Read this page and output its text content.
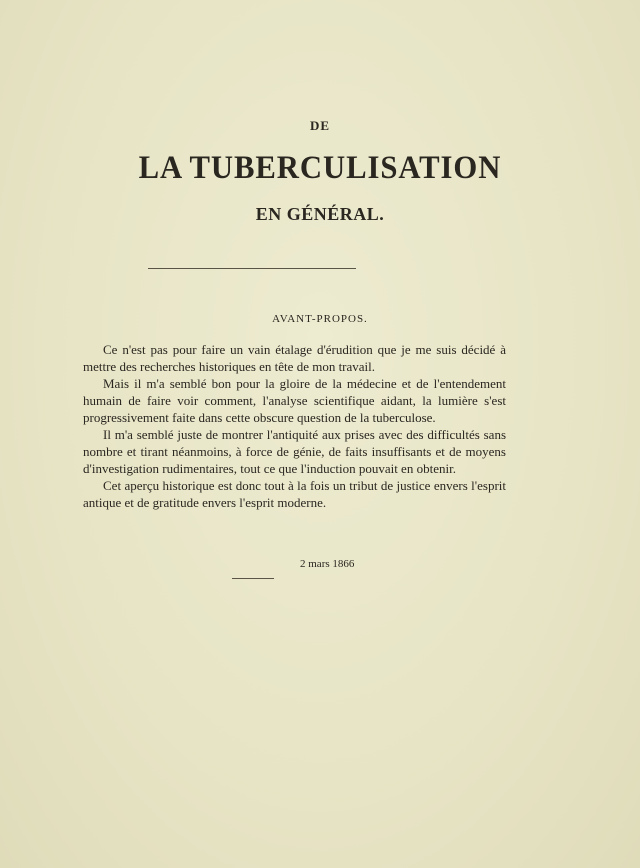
DE
LA TUBERCULISATION
EN GÉNÉRAL.
AVANT-PROPOS.

Ce n'est pas pour faire un vain étalage d'érudition que je me suis décidé à mettre des recherches historiques en tête de mon travail.

Mais il m'a semblé bon pour la gloire de la médecine et de l'entendement humain de faire voir comment, l'analyse scientifique aidant, la lumière s'est progressivement faite dans cette obscure question de la tuberculose.

Il m'a semblé juste de montrer l'antiquité aux prises avec des difficultés sans nombre et tirant néanmoins, à force de génie, de faits insuffisants et de moyens d'investigation rudimentaires, tout ce que l'induction pouvait en obtenir.

Cet aperçu historique est donc tout à la fois un tribut de justice envers l'esprit antique et de gratitude envers l'esprit moderne.

2 mars 1866
